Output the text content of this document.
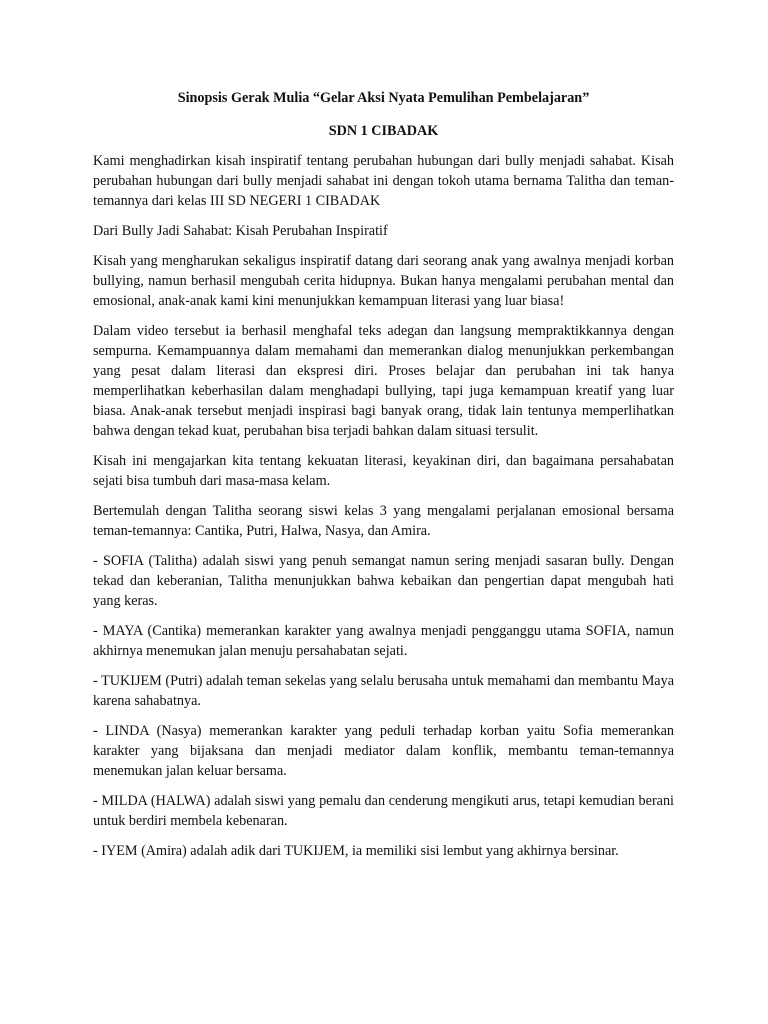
Sinopsis Gerak Mulia “Gelar Aksi Nyata Pemulihan Pembelajaran”

SDN 1 CIBADAK

Kami menghadirkan kisah inspiratif tentang perubahan hubungan dari bully menjadi sahabat. Kisah perubahan hubungan dari bully menjadi sahabat ini dengan tokoh utama bernama Talitha dan teman-temannya dari kelas III SD NEGERI 1 CIBADAK

Dari Bully Jadi Sahabat: Kisah Perubahan Inspiratif

Kisah yang mengharukan sekaligus inspiratif datang dari seorang anak yang awalnya menjadi korban bullying, namun berhasil mengubah cerita hidupnya. Bukan hanya mengalami perubahan mental dan emosional, anak-anak kami kini menunjukkan kemampuan literasi yang luar biasa!

Dalam video tersebut ia berhasil menghafal teks adegan dan langsung mempraktikkannya dengan sempurna. Kemampuannya dalam memahami dan memerankan dialog menunjukkan perkembangan yang pesat dalam literasi dan ekspresi diri. Proses belajar dan perubahan ini tak hanya memperlihatkan keberhasilan dalam menghadapi bullying, tapi juga kemampuan kreatif yang luar biasa. Anak-anak tersebut menjadi inspirasi bagi banyak orang, tidak lain tentunya memperlihatkan bahwa dengan tekad kuat, perubahan bisa terjadi bahkan dalam situasi tersulit.

Kisah ini mengajarkan kita tentang kekuatan literasi, keyakinan diri, dan bagaimana persahabatan sejati bisa tumbuh dari masa-masa kelam.

Bertemulah dengan Talitha seorang siswi kelas 3 yang mengalami perjalanan emosional bersama teman-temannya: Cantika, Putri, Halwa, Nasya, dan Amira.

- SOFIA (Talitha) adalah siswi yang penuh semangat namun sering menjadi sasaran bully. Dengan tekad dan keberanian, Talitha menunjukkan bahwa kebaikan dan pengertian dapat mengubah hati yang keras.

- MAYA (Cantika) memerankan karakter yang awalnya menjadi pengganggu utama SOFIA, namun akhirnya menemukan jalan menuju persahabatan sejati.

- TUKIJEM (Putri) adalah teman sekelas yang selalu berusaha untuk memahami dan membantu Maya karena sahabatnya.

- LINDA (Nasya) memerankan karakter yang peduli terhadap korban yaitu Sofia memerankan karakter yang bijaksana dan menjadi mediator dalam konflik, membantu teman-temannya menemukan jalan keluar bersama.

- MILDA (HALWA) adalah siswi yang pemalu dan cenderung mengikuti arus, tetapi kemudian berani untuk berdiri membela kebenaran.

- IYEM (Amira) adalah adik dari TUKIJEM, ia memiliki sisi lembut yang akhirnya bersinar.
